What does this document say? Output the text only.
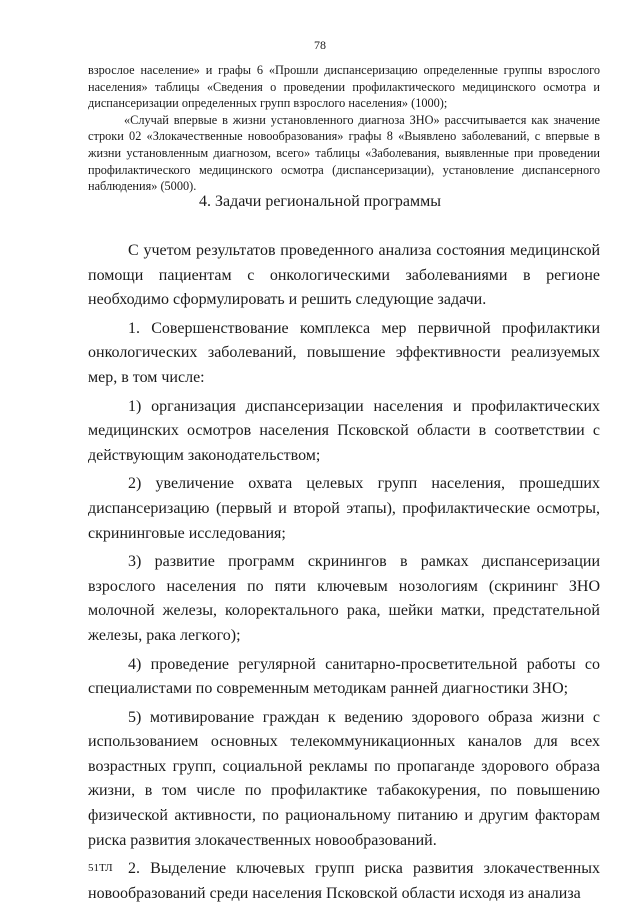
78

взрослое население» и графы 6 «Прошли диспансеризацию определенные группы взрослого населения» таблицы «Сведения о проведении профилактического медицинского осмотра и диспансеризации определенных групп взрослого населения» (1000);

«Случай впервые в жизни установленного диагноза ЗНО» рассчитывается как значение строки 02 «Злокачественные новообразования» графы 8 «Выявлено заболеваний, с впервые в жизни установленным диагнозом, всего» таблицы «Заболевания, выявленные при проведении профилактического медицинского осмотра (диспансеризации), установление диспансерного наблюдения» (5000).

4. Задачи региональной программы

С учетом результатов проведенного анализа состояния медицинской помощи пациентам с онкологическими заболеваниями в регионе необходимо сформулировать и решить следующие задачи.

1. Совершенствование комплекса мер первичной профилактики онкологических заболеваний, повышение эффективности реализуемых мер, в том числе:

1) организация диспансеризации населения и профилактических медицинских осмотров населения Псковской области в соответствии с действующим законодательством;

2) увеличение охвата целевых групп населения, прошедших диспансеризацию (первый и второй этапы), профилактические осмотры, скрининговые исследования;

3) развитие программ скринингов в рамках диспансеризации взрослого населения по пяти ключевым нозологиям (скрининг ЗНО молочной железы, колоректального рака, шейки матки, предстательной железы, рака легкого);

4) проведение регулярной санитарно-просветительной работы со специалистами по современным методикам ранней диагностики ЗНО;

5) мотивирование граждан к ведению здорового образа жизни с использованием основных телекоммуникационных каналов для всех возрастных групп, социальной рекламы по пропаганде здорового образа жизни, в том числе по профилактике табакокурения, по повышению физической активности, по рациональному питанию и другим факторам риска развития злокачественных новообразований.

2. Выделение ключевых групп риска развития злокачественных новообразований среди населения Псковской области исходя из анализа

51ТЛ
